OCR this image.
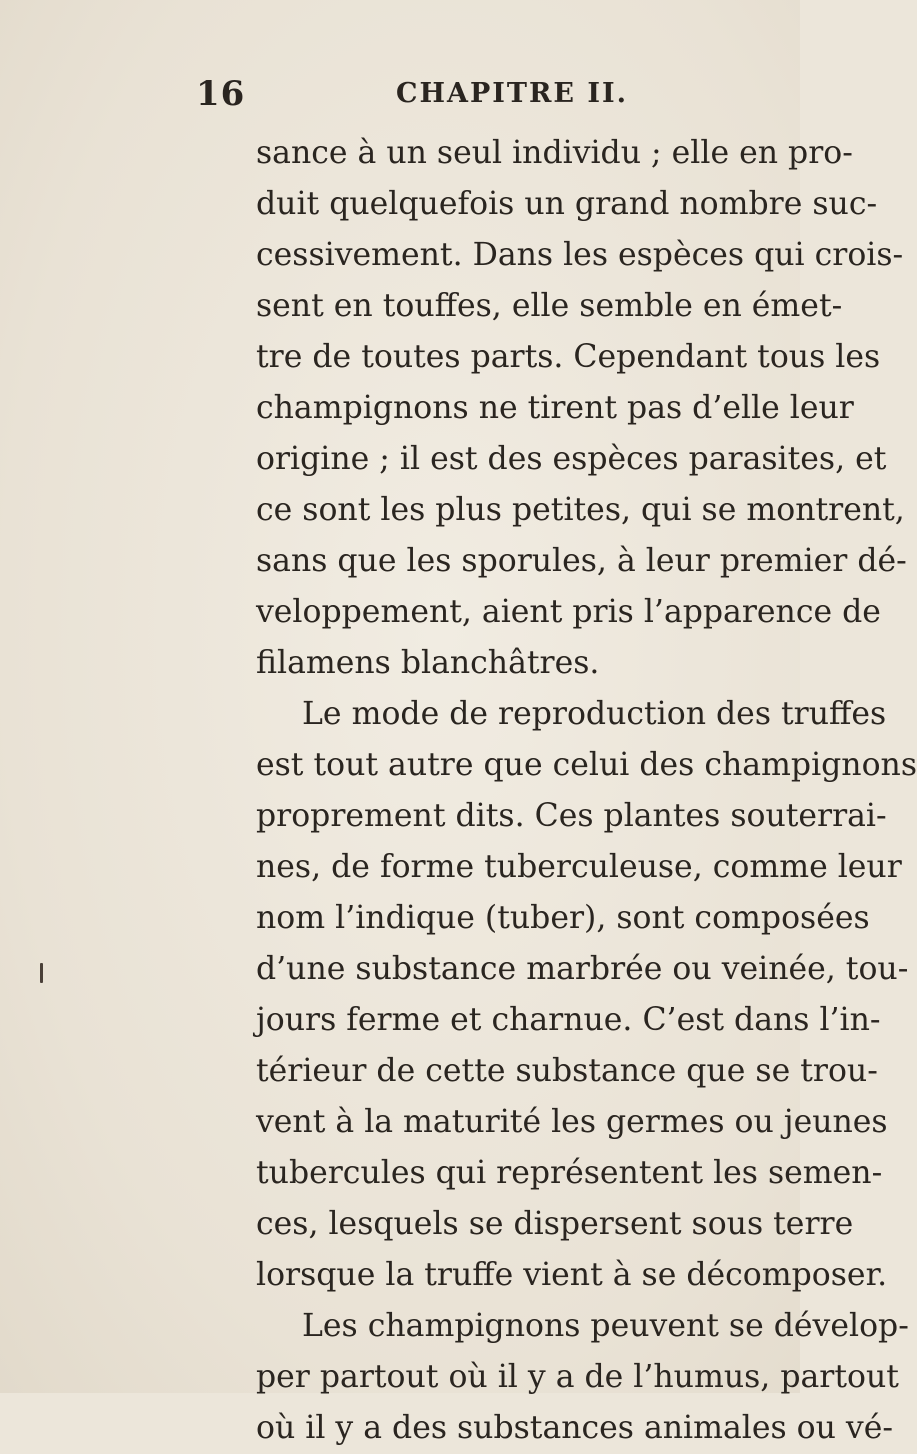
16	CHAPITRE II.
sance à un seul individu ; elle en pro-
duit quelquefois un grand nombre suc-
cessivement. Dans les espèces qui crois-
sent en touffes, elle semble en émet-
tre de toutes parts. Cependant tous les
champignons ne tirent pas d’elle leur
origine ; il est des espèces parasites, et
ce sont les plus petites, qui se montrent,
sans que les sporules, à leur premier dé-
veloppement, aient pris l’apparence de
filamens blanchâtres.
Le mode de reproduction des truffes
est tout autre que celui des champignons
proprement dits. Ces plantes souterrai-
nes, de forme tuberculeuse, comme leur
nom l’indique (tuber), sont composées
d’une substance marbrée ou veinée, tou-
jours ferme et charnue. C’est dans l’in-
térieur de cette substance que se trou-
vent à la maturité les germes ou jeunes
tubercules qui représentent les semen-
ces, lesquels se dispersent sous terre
lorsque la truffe vient à se décomposer.
Les champignons peuvent se dévelop-
per partout où il y a de l’humus, partout
où il y a des substances animales ou vé-
